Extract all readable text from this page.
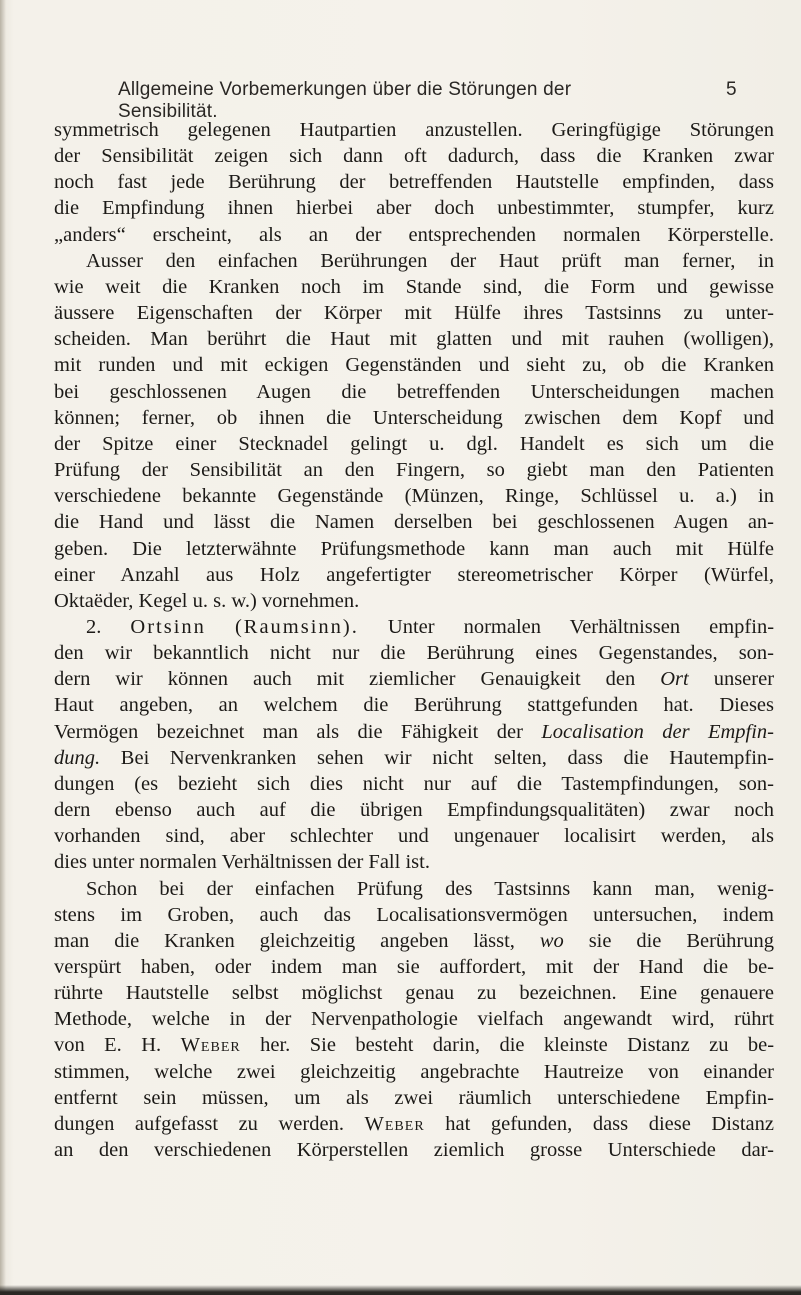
Allgemeine Vorbemerkungen über die Störungen der Sensibilität.
5
symmetrisch gelegenen Hautpartien anzustellen. Geringfügige Störungen
der Sensibilität zeigen sich dann oft dadurch, dass die Kranken zwar
noch fast jede Berührung der betreffenden Hautstelle empfinden, dass
die Empfindung ihnen hierbei aber doch unbestimmter, stumpfer, kurz
„anders“ erscheint, als an der entsprechenden normalen Körperstelle.
Ausser den einfachen Berührungen der Haut prüft man ferner, in
wie weit die Kranken noch im Stande sind, die Form und gewisse
äussere Eigenschaften der Körper mit Hülfe ihres Tastsinns zu unter-
scheiden. Man berührt die Haut mit glatten und mit rauhen (wolligen),
mit runden und mit eckigen Gegenständen und sieht zu, ob die Kranken
bei geschlossenen Augen die betreffenden Unterscheidungen machen
können; ferner, ob ihnen die Unterscheidung zwischen dem Kopf und
der Spitze einer Stecknadel gelingt u. dgl. Handelt es sich um die
Prüfung der Sensibilität an den Fingern, so giebt man den Patienten
verschiedene bekannte Gegenstände (Münzen, Ringe, Schlüssel u. a.) in
die Hand und lässt die Namen derselben bei geschlossenen Augen an-
geben. Die letzterwähnte Prüfungsmethode kann man auch mit Hülfe
einer Anzahl aus Holz angefertigter stereometrischer Körper (Würfel,
Oktaëder, Kegel u. s. w.) vornehmen.
2. Ortsinn (Raumsinn). Unter normalen Verhältnissen empfin-
den wir bekanntlich nicht nur die Berührung eines Gegenstandes, son-
dern wir können auch mit ziemlicher Genauigkeit den Ort unserer
Haut angeben, an welchem die Berührung stattgefunden hat. Dieses
Vermögen bezeichnet man als die Fähigkeit der Localisation der Empfin-
dung. Bei Nervenkranken sehen wir nicht selten, dass die Hautempfin-
dungen (es bezieht sich dies nicht nur auf die Tastempfindungen, son-
dern ebenso auch auf die übrigen Empfindungsqualitäten) zwar noch
vorhanden sind, aber schlechter und ungenauer localisirt werden, als
dies unter normalen Verhältnissen der Fall ist.
Schon bei der einfachen Prüfung des Tastsinns kann man, wenig-
stens im Groben, auch das Localisationsvermögen untersuchen, indem
man die Kranken gleichzeitig angeben lässt, wo sie die Berührung
verspürt haben, oder indem man sie auffordert, mit der Hand die be-
rührte Hautstelle selbst möglichst genau zu bezeichnen. Eine genauere
Methode, welche in der Nervenpathologie vielfach angewandt wird, rührt
von E. H. Weber her. Sie besteht darin, die kleinste Distanz zu be-
stimmen, welche zwei gleichzeitig angebrachte Hautreize von einander
entfernt sein müssen, um als zwei räumlich unterschiedene Empfin-
dungen aufgefasst zu werden. Weber hat gefunden, dass diese Distanz
an den verschiedenen Körperstellen ziemlich grosse Unterschiede dar-
